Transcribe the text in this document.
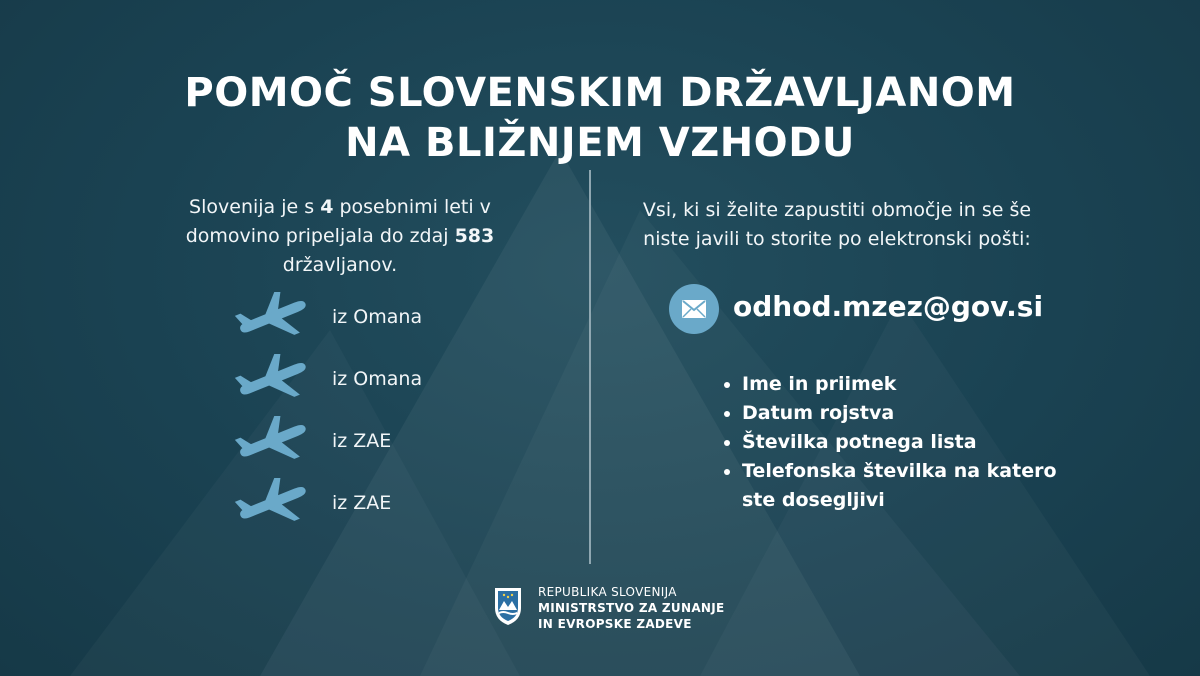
POMOČ SLOVENSKIM DRŽAVLJANOM
NA BLIŽNJEM VZHODU
Slovenija je s 4 posebnimi leti v domovino pripeljala do zdaj 583 državljanov.
iz Omana
iz Omana
iz ZAE
iz ZAE
Vsi, ki si želite zapustiti območje in se še niste javili to storite po elektronski pošti:
odhod.mzez@gov.si
• Ime in priimek
• Datum rojstva
• Številka potnega lista
• Telefonska številka na katero ste dosegljivi
REPUBLIKA SLOVENIJA
MINISTRSTVO ZA ZUNANJE
IN EVROPSKE ZADEVE
